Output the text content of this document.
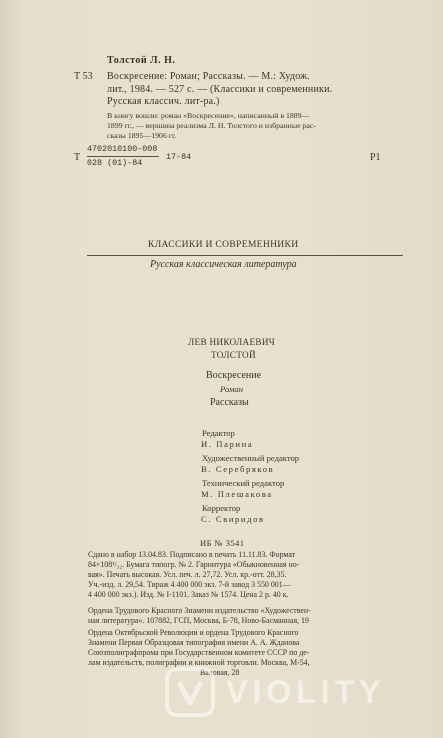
Толстой Л. Н.
Т 53 Воскресение: Роман; Рассказы. — М.: Худож.
лит., 1984. — 527 с. — (Классики и современники.
Русская классич. лит-ра.)
В книгу вошли: роман «Воскресение», написанный в 1889—
1899 гг., — вершина реализма Л. Н. Толстого и избранные рас-
сказы 1895—1906 гг.
Т
4702010100-008
028 (01)-84
17-84	Р1
КЛАССИКИ И СОВРЕМЕННИКИ
Русская классическая литература
ЛЕВ НИКОЛАЕВИЧ
ТОЛСТОЙ
Воскресение
Роман
Рассказы
Редактор
И. Парина
Художественный редактор
В. Серебряков
Технический редактор
М. Плешакова
Корректор
С. Свиридов
ИБ № 3541
Сдано в набор 13.04.83. Подписано в печать 11.11.83. Формат
84×108¹/₃₂. Бумага типогр. № 2. Гарнитура «Обыкновенная но-
вая». Печать высокая. Усл. печ. л. 27,72. Усл. кр.-отт. 28,35.
Уч.-изд. л. 29,54. Тираж 4 400 000 экз. 7-й завод 3 550 001—
4 400 000 экз.). Изд. № I-1101. Заказ № 1574. Цена 2 р. 40 к.
Ордена Трудового Красного Знамени издательство «Художествен-
ная литература». 107882, ГСП, Москва, Б-78, Ново-Басманная, 19
Ордена Октябрьской Революции и ордена Трудового Красного
Знамени Первая Образцовая типография имени А. А. Жданова
Союзполиграфпрома при Государственном комитете СССР по де-
лам издательств, полиграфии и книжной торговли. Москва, М-54,
Валовая, 28
VIOLITY
